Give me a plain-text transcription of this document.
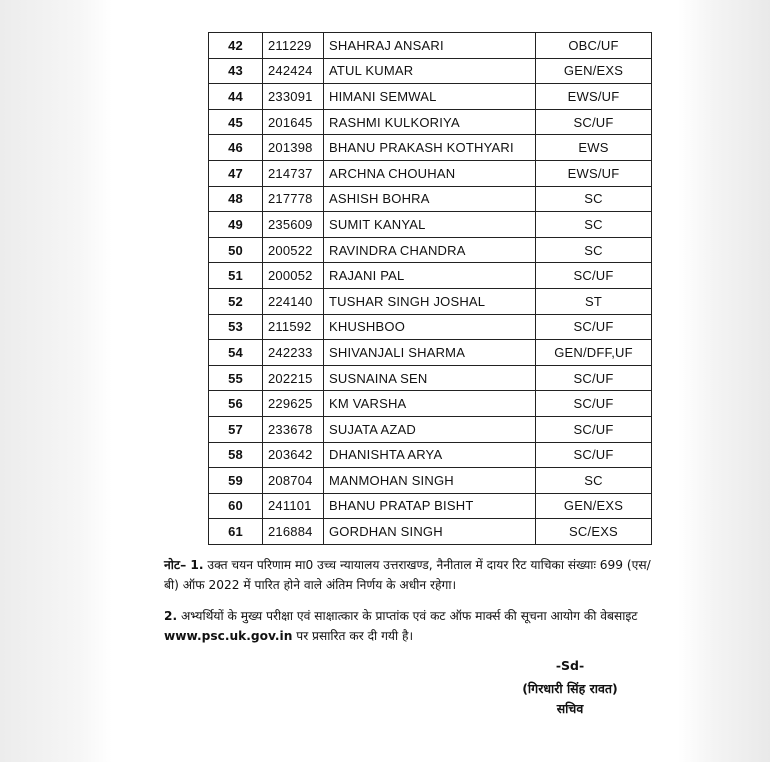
42	211229	SHAHRAJ ANSARI	OBC/UF
43	242424	ATUL KUMAR	GEN/EXS
44	233091	HIMANI SEMWAL	EWS/UF
45	201645	RASHMI KULKORIYA	SC/UF
46	201398	BHANU PRAKASH KOTHYARI	EWS
47	214737	ARCHNA CHOUHAN	EWS/UF
48	217778	ASHISH BOHRA	SC
49	235609	SUMIT KANYAL	SC
50	200522	RAVINDRA CHANDRA	SC
51	200052	RAJANI PAL	SC/UF
52	224140	TUSHAR SINGH JOSHAL	ST
53	211592	KHUSHBOO	SC/UF
54	242233	SHIVANJALI SHARMA	GEN/DFF,UF
55	202215	SUSNAINA SEN	SC/UF
56	229625	KM VARSHA	SC/UF
57	233678	SUJATA AZAD	SC/UF
58	203642	DHANISHTA ARYA	SC/UF
59	208704	MANMOHAN SINGH	SC
60	241101	BHANU PRATAP BISHT	GEN/EXS
61	216884	GORDHAN SINGH	SC/EXS
नोट– 1. उक्त चयन परिणाम मा0 उच्च न्यायालय उत्तराखण्ड, नैनीताल में दायर रिट याचिका संख्याः 699 (एस/बी) ऑफ 2022 में पारित होने वाले अंतिम निर्णय के अधीन रहेगा।
2. अभ्यर्थियों के मुख्य परीक्षा एवं साक्षात्कार के प्राप्तांक एवं कट ऑफ मार्क्स की सूचना आयोग की वेबसाइट www.psc.uk.gov.in पर प्रसारित कर दी गयी है।
-Sd-
(गिरधारी सिंह रावत)
सचिव
